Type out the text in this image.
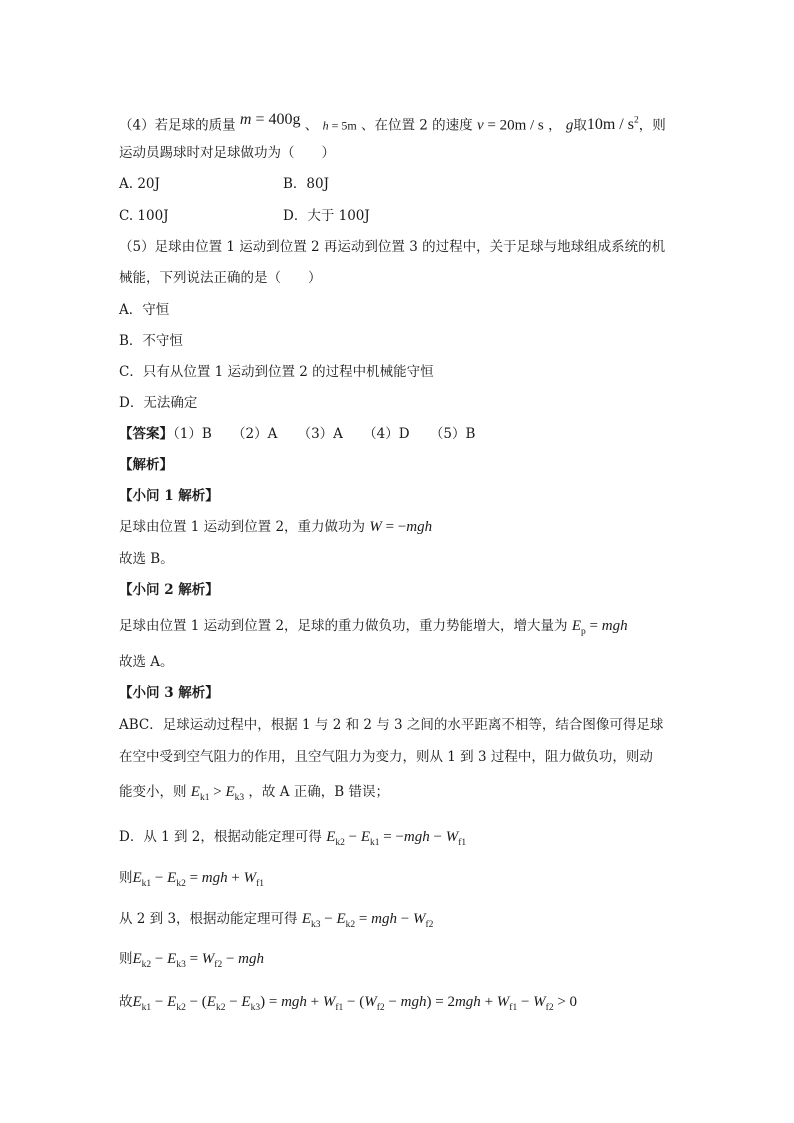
（4）若足球的质量 m = 400g 、 h = 5m 、在位置 2 的速度 v = 20m / s ， g取$10m / s^2$，则
运动员踢球时对足球做功为（　　）
A. 20J	B．80J
C. 100J	D．大于 100J
（5）足球由位置 1 运动到位置 2 再运动到位置 3 的过程中，关于足球与地球组成系统的机
械能，下列说法正确的是（　　）
A．守恒
B．不守恒
C．只有从位置 1 运动到位置 2 的过程中机械能守恒
D．无法确定
【答案】（1）B　　（2）A　　（3）A　　（4）D　　（5）B
【解析】
【小问 1 解析】
足球由位置 1 运动到位置 2，重力做功为 W = −mgh
故选 B。
【小问 2 解析】
足球由位置 1 运动到位置 2，足球的重力做负功，重力势能增大，增大量为 $E_p$ = mgh
故选 A。
【小问 3 解析】
ABC．足球运动过程中，根据 1 与 2 和 2 与 3 之间的水平距离不相等，结合图像可得足球
在空中受到空气阻力的作用，且空气阻力为变力，则从 1 到 3 过程中，阻力做负功，则动
能变小，则 $E_{k1} > E_{k3}$ ，故 A 正确，B 错误；
D．从 1 到 2，根据动能定理可得 $E_{k2} - E_{k1} = -mgh - W_{f1}$
则$E_{k1} - E_{k2}$ = mgh + $W_{f1}$
从 2 到 3，根据动能定理可得 $E_{k3} - E_{k2}$ = mgh − $W_{f2}$
则$E_{k2} - E_{k3} = W_{f2}$ − mgh
故$E_{k1} - E_{k2} - (E_{k2} - E_{k3})$ = mgh + $W_{f1} - (W_{f2} - mgh) = 2mgh + W_{f1} - W_{f2} > 0$
